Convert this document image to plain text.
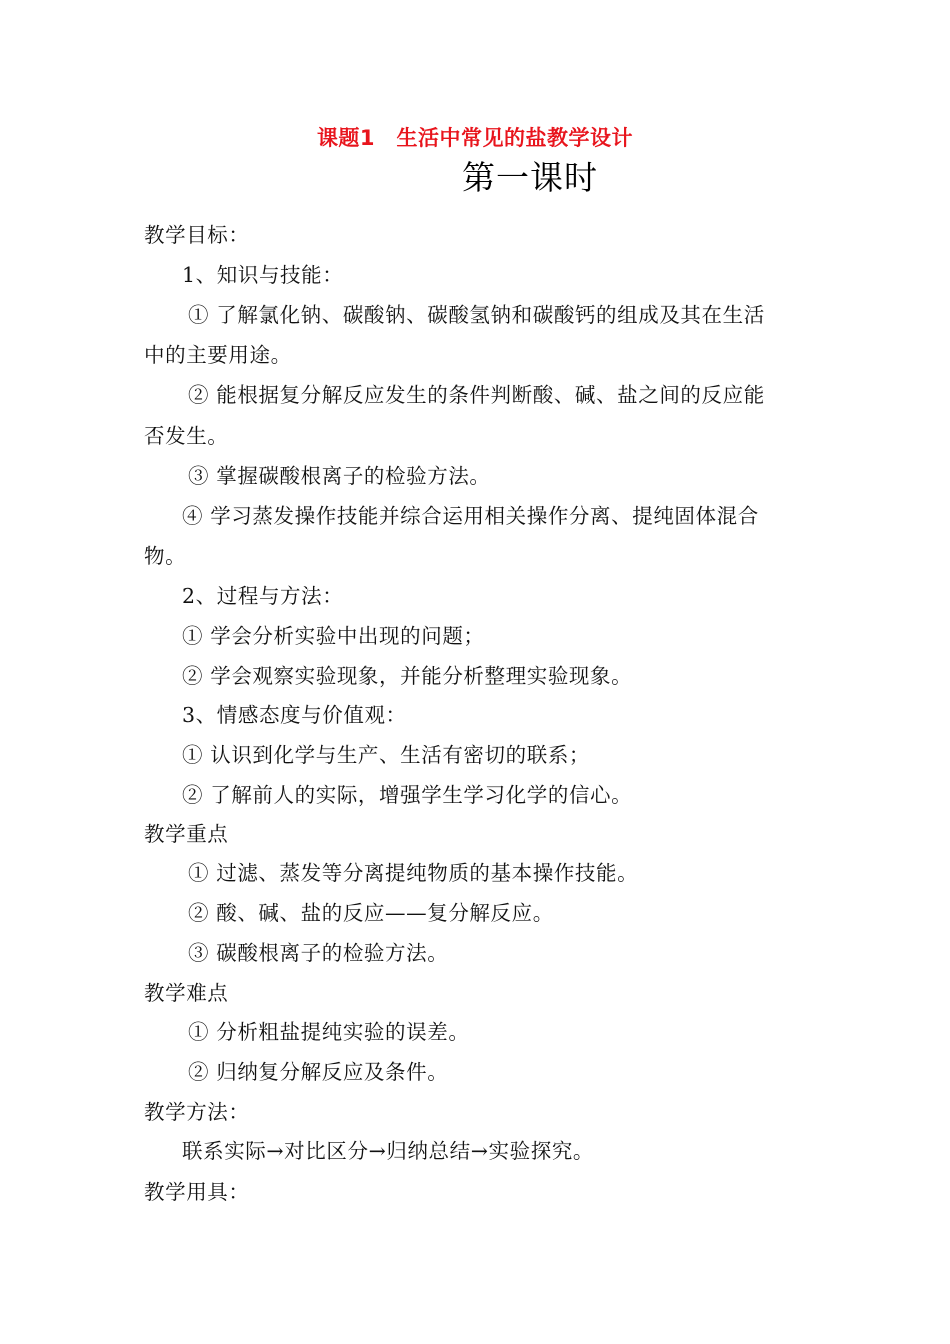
课题1　生活中常见的盐教学设计
第一课时
教学目标：
1、知识与技能：
① 了解氯化钠、碳酸钠、碳酸氢钠和碳酸钙的组成及其在生活
中的主要用途。
② 能根据复分解反应发生的条件判断酸、碱、盐之间的反应能
否发生。
③ 掌握碳酸根离子的检验方法。
④ 学习蒸发操作技能并综合运用相关操作分离、提纯固体混合
物。
2、过程与方法：
① 学会分析实验中出现的问题；
② 学会观察实验现象，并能分析整理实验现象。
3、情感态度与价值观：
① 认识到化学与生产、生活有密切的联系；
② 了解前人的实际，增强学生学习化学的信心。
教学重点
① 过滤、蒸发等分离提纯物质的基本操作技能。
② 酸、碱、盐的反应——复分解反应。
③ 碳酸根离子的检验方法。
教学难点
① 分析粗盐提纯实验的误差。
② 归纳复分解反应及条件。
教学方法：
联系实际→对比区分→归纳总结→实验探究。
教学用具：
